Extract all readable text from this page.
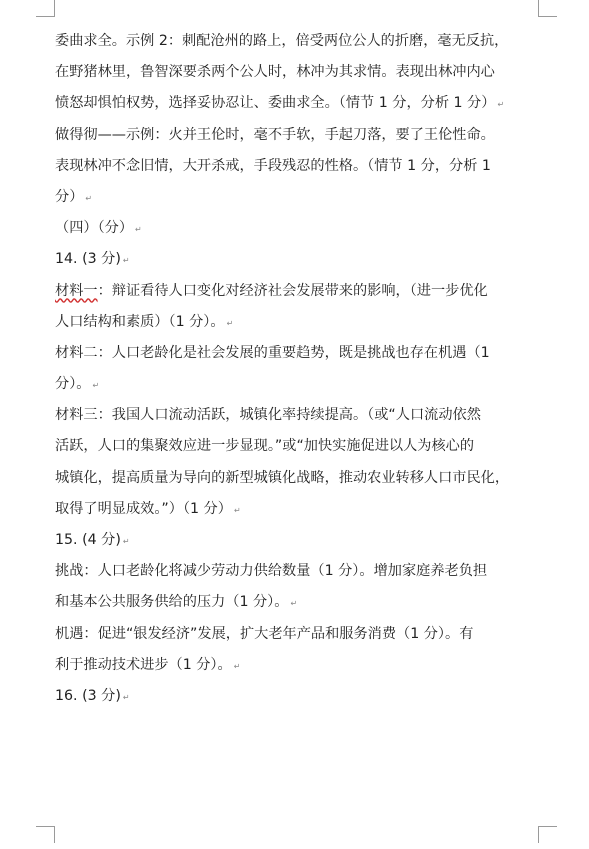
委曲求全。示例 2：刺配沧州的路上，倍受两位公人的折磨，毫无反抗，
在野猪林里，鲁智深要杀两个公人时，林冲为其求情。表现出林冲内心
愤怒却惧怕权势，选择妥协忍让、委曲求全。（情节 1 分，分析 1 分） ↵
做得彻——示例：火并王伦时，毫不手软，手起刀落，要了王伦性命。
表现林冲不念旧情，大开杀戒，手段残忍的性格。（情节 1 分，分析 1
分） ↵
（四）（分） ↵
14. (3 分) ↵
材料一：辩证看待人口变化对经济社会发展带来的影响，（进一步优化
人口结构和素质）（1 分）。 ↵
材料二：人口老龄化是社会发展的重要趋势，既是挑战也存在机遇（1
分）。 ↵
材料三：我国人口流动活跃，城镇化率持续提高。（或“人口流动依然
活跃，人口的集聚效应进一步显现。”或“加快实施促进以人为核心的
城镇化，提高质量为导向的新型城镇化战略，推动农业转移人口市民化，
取得了明显成效。”）（1 分） ↵
15. (4 分) ↵
挑战：人口老龄化将减少劳动力供给数量（1 分）。增加家庭养老负担
和基本公共服务供给的压力（1 分）。 ↵
机遇：促进“银发经济”发展，扩大老年产品和服务消费（1 分）。有
利于推动技术进步（1 分）。 ↵
16. (3 分) ↵
